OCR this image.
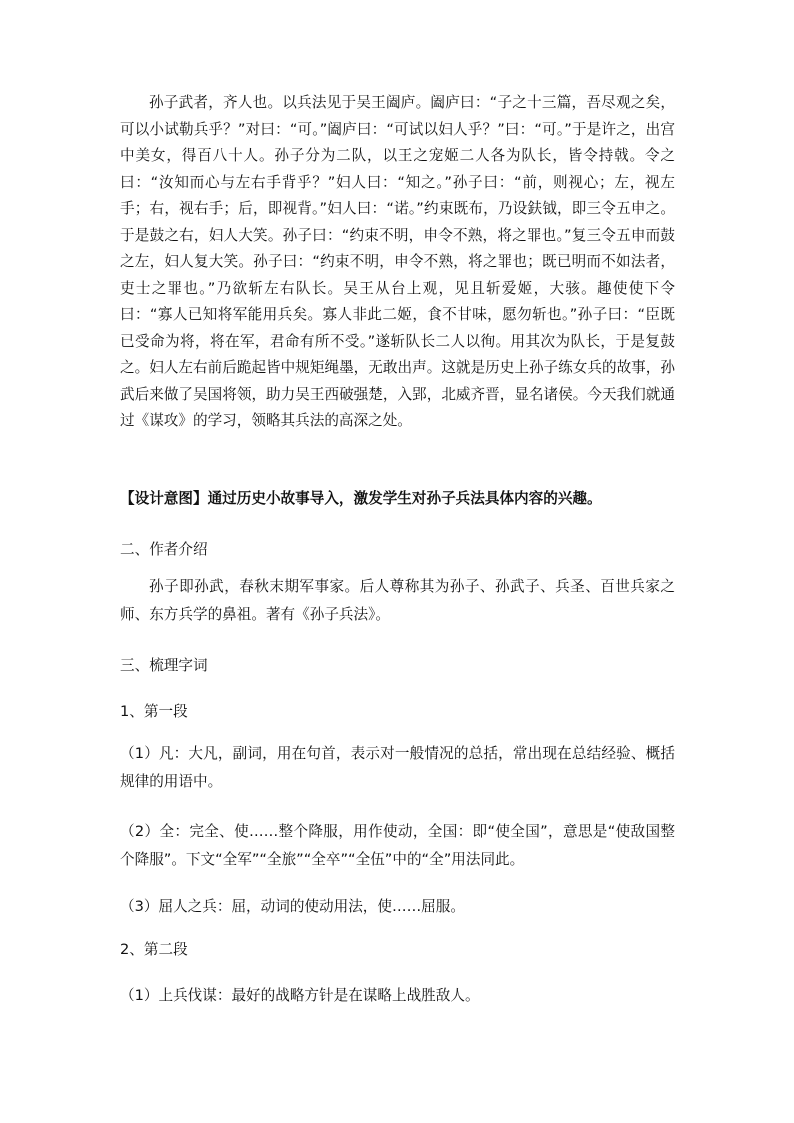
孙子武者，齐人也。以兵法见于吴王阖庐。阖庐曰：“子之十三篇，吾尽观之矣，可以小试勒兵乎？”对曰：“可。”阖庐曰：“可试以妇人乎？”曰：“可。”于是许之，出宫中美女，得百八十人。孙子分为二队，以王之宠姬二人各为队长，皆令持戟。令之曰：“汝知而心与左右手背乎？”妇人曰：“知之。”孙子曰：“前，则视心；左，视左手；右，视右手；后，即视背。”妇人曰：“诺。”约束既布，乃设鈇钺，即三令五申之。于是鼓之右，妇人大笑。孙子曰：“约束不明，申令不熟，将之罪也。”复三令五申而鼓之左，妇人复大笑。孙子曰：“约束不明，申令不熟，将之罪也；既已明而不如法者，吏士之罪也。”乃欲斩左右队长。吴王从台上观，见且斩爱姬，大骇。趣使使下令曰：“寡人已知将军能用兵矣。寡人非此二姬，食不甘味，愿勿斩也。”孙子曰：“臣既已受命为将，将在军，君命有所不受。”遂斩队长二人以徇。用其次为队长，于是复鼓之。妇人左右前后跪起皆中规矩绳墨，无敢出声。这就是历史上孙子练女兵的故事，孙武后来做了吴国将领，助力吴王西破强楚，入郢，北威齐晋，显名诸侯。今天我们就通过《谋攻》的学习，领略其兵法的高深之处。

【设计意图】通过历史小故事导入，激发学生对孙子兵法具体内容的兴趣。
二、作者介绍

孙子即孙武，春秋末期军事家。后人尊称其为孙子、孙武子、兵圣、百世兵家之师、东方兵学的鼻祖。著有《孙子兵法》。

三、梳理字词
1、第一段

（1）凡：大凡，副词，用在句首，表示对一般情况的总括，常出现在总结经验、概括规律的用语中。

（2）全：完全、使……整个降服，用作使动，全国：即“使全国”，意思是“使敌国整个降服”。下文“全军”“全旅”“全卒”“全伍”中的“全”用法同此。

（3）屈人之兵：屈，动词的使动用法，使……屈服。

2、第二段

（1）上兵伐谋：最好的战略方针是在谋略上战胜敌人。
